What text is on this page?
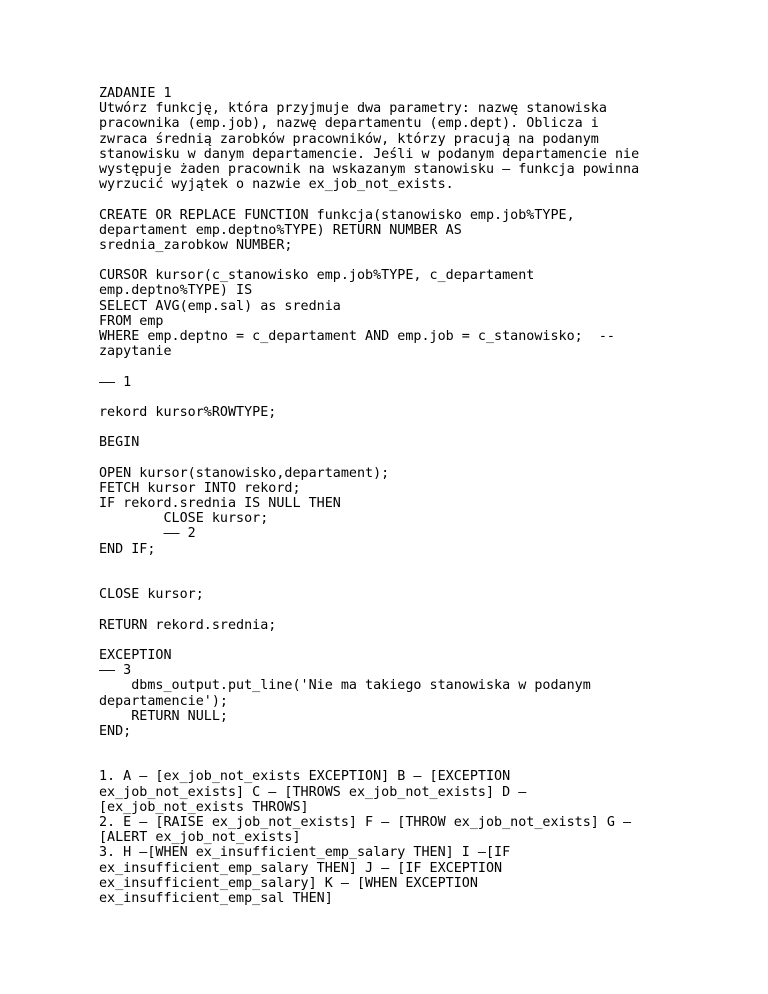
ZADANIE 1
Utwórz funkcję, która przyjmuje dwa parametry: nazwę stanowiska
pracownika (emp.job), nazwę departamentu (emp.dept). Oblicza i
zwraca średnią zarobków pracowników, którzy pracują na podanym
stanowisku w danym departamencie. Jeśli w podanym departamencie nie
występuje żaden pracownik na wskazanym stanowisku – funkcja powinna
wyrzucić wyjątek o nazwie ex_job_not_exists.
CREATE OR REPLACE FUNCTION funkcja(stanowisko emp.job%TYPE,
departament emp.deptno%TYPE) RETURN NUMBER AS
srednia_zarobkow NUMBER;
CURSOR kursor(c_stanowisko emp.job%TYPE, c_departament
emp.deptno%TYPE) IS
SELECT AVG(emp.sal) as srednia
FROM emp
WHERE emp.deptno = c_departament AND emp.job = c_stanowisko;  --
zapytanie
—— 1
rekord kursor%ROWTYPE;
BEGIN
OPEN kursor(stanowisko,departament);
FETCH kursor INTO rekord;
IF rekord.srednia IS NULL THEN
CLOSE kursor;
—— 2
END IF;
CLOSE kursor;
RETURN rekord.srednia;
EXCEPTION
—— 3
dbms_output.put_line('Nie ma takiego stanowiska w podanym
departamencie');
RETURN NULL;
END;
1. A – [ex_job_not_exists EXCEPTION] B – [EXCEPTION
ex_job_not_exists] C – [THROWS ex_job_not_exists] D –
[ex_job_not_exists THROWS]
2. E – [RAISE ex_job_not_exists] F – [THROW ex_job_not_exists] G –
[ALERT ex_job_not_exists]
3. H –[WHEN ex_insufficient_emp_salary THEN] I –[IF
ex_insufficient_emp_salary THEN] J – [IF EXCEPTION
ex_insufficient_emp_salary] K – [WHEN EXCEPTION
ex_insufficient_emp_sal THEN]
